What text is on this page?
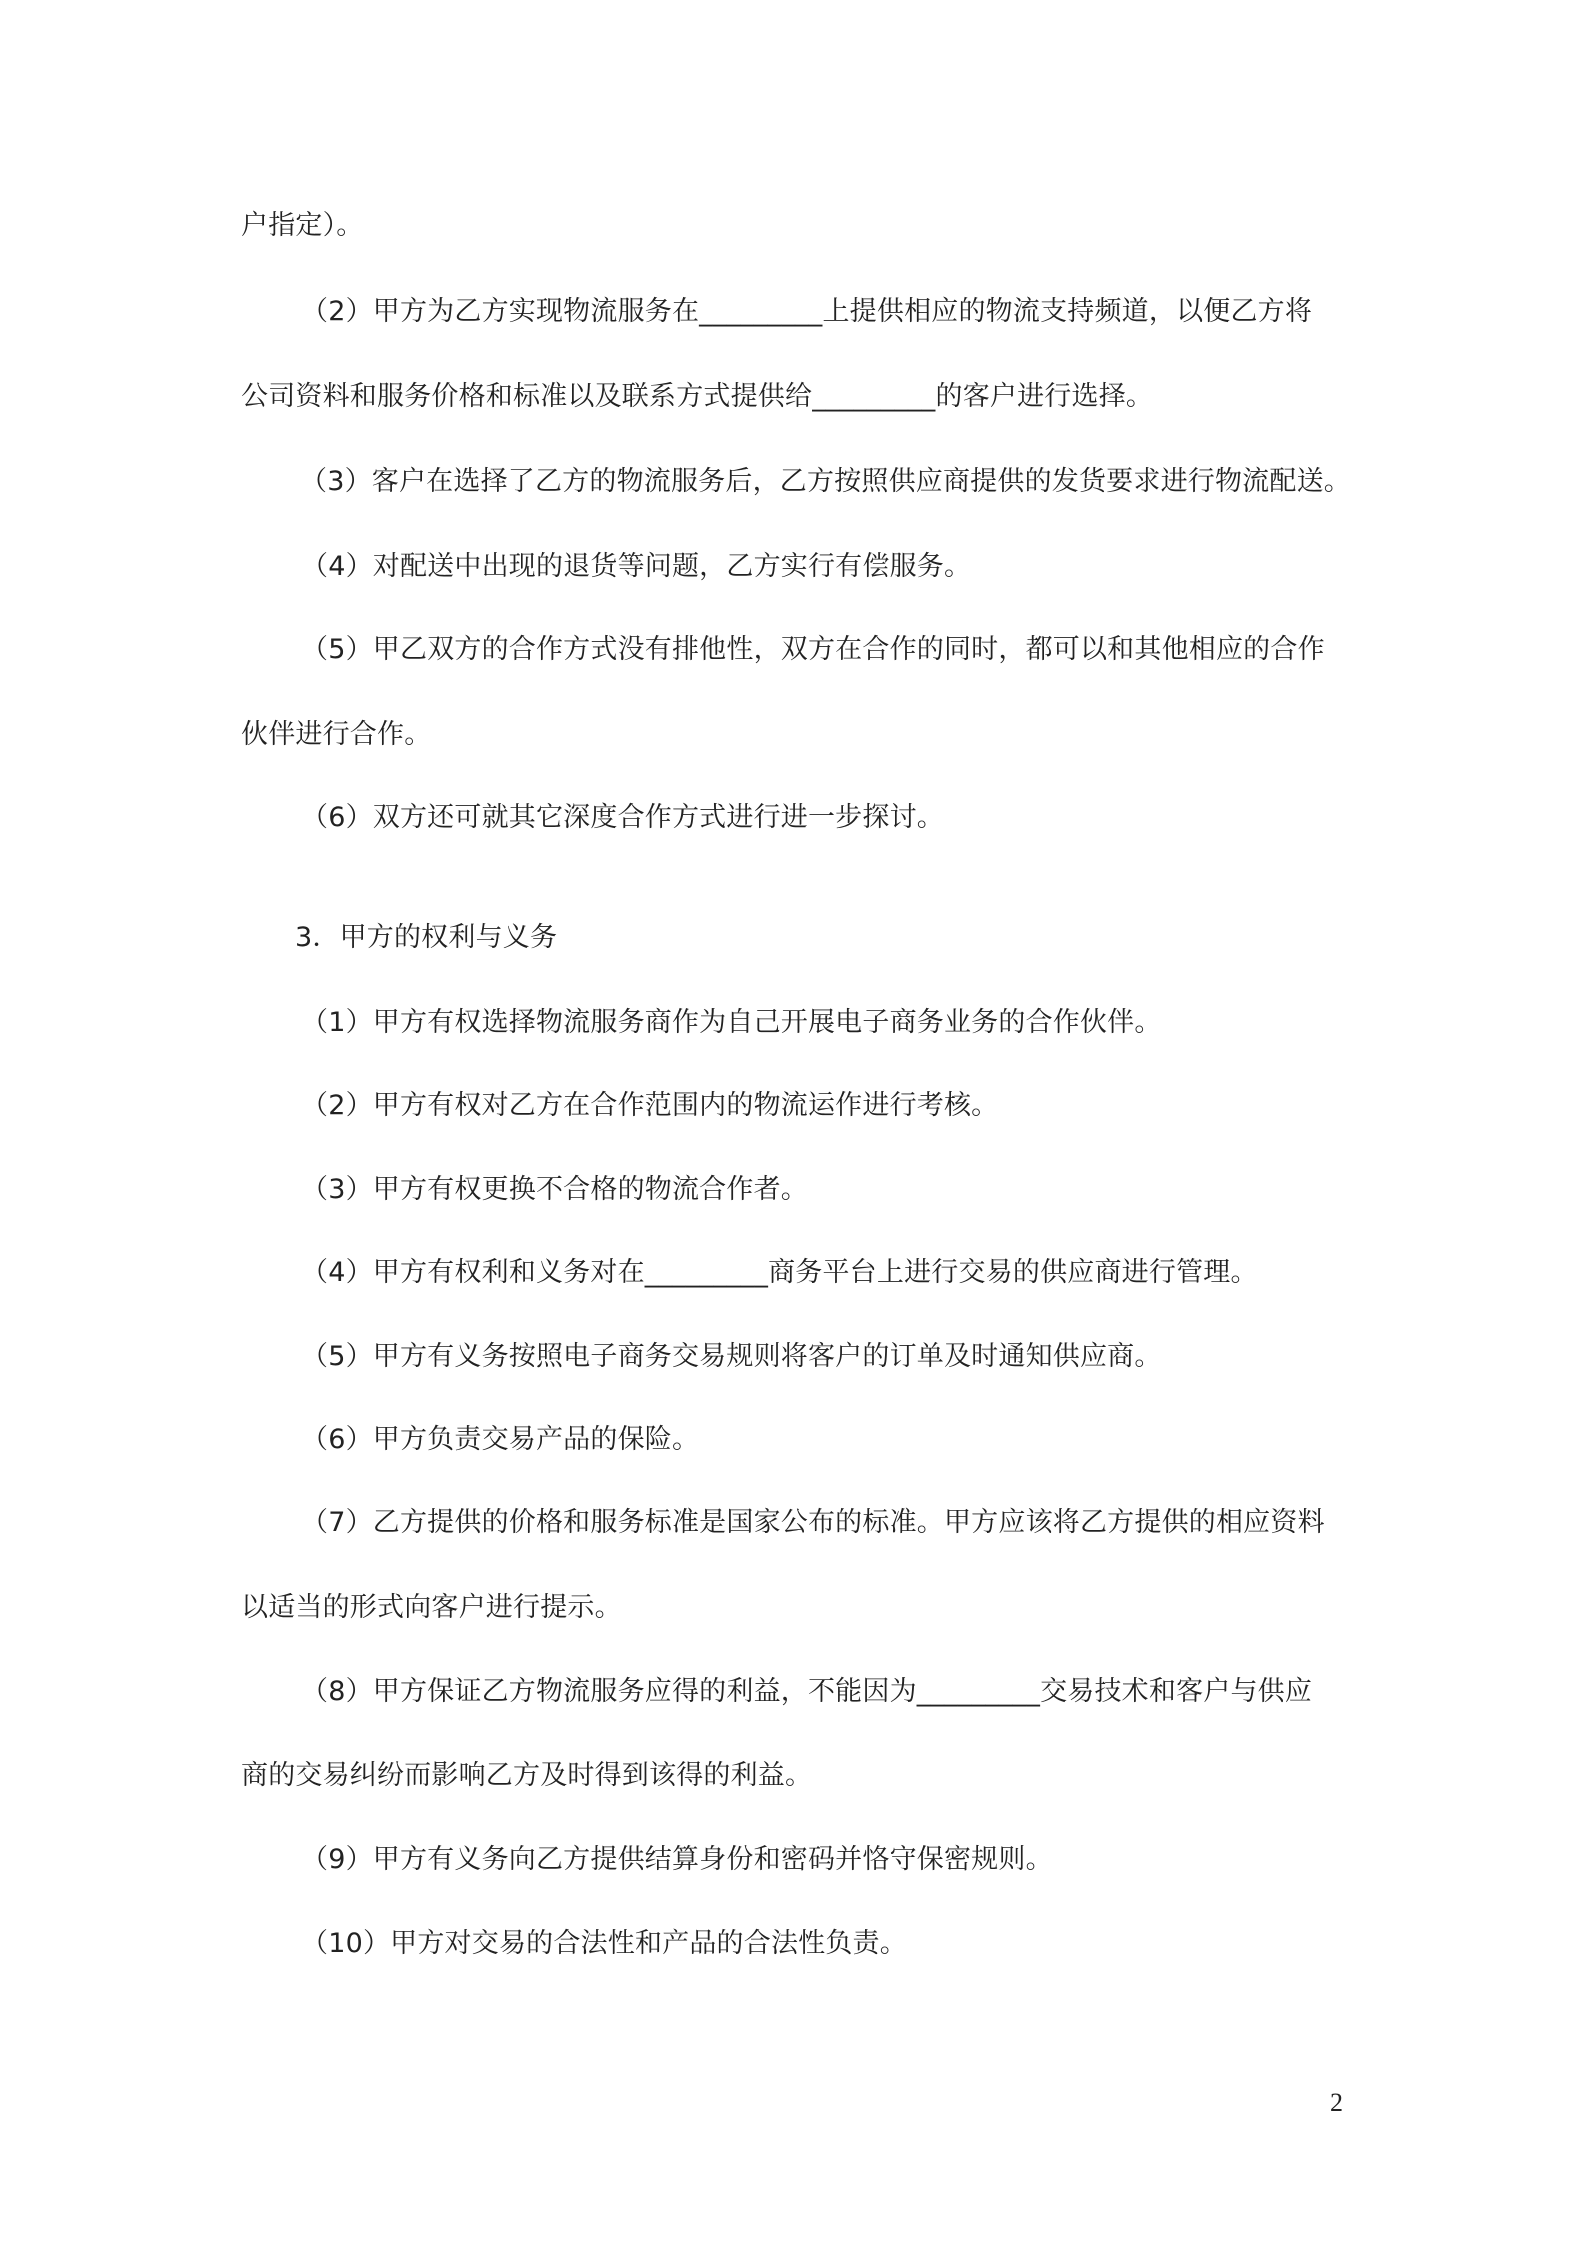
户指定）。
（2）甲方为乙方实现物流服务在_________上提供相应的物流支持频道，以便乙方将
公司资料和服务价格和标准以及联系方式提供给_________的客户进行选择。
（3）客户在选择了乙方的物流服务后，乙方按照供应商提供的发货要求进行物流配送。
（4）对配送中出现的退货等问题，乙方实行有偿服务。
（5）甲乙双方的合作方式没有排他性，双方在合作的同时，都可以和其他相应的合作
伙伴进行合作。
（6）双方还可就其它深度合作方式进行进一步探讨。
3．甲方的权利与义务
（1）甲方有权选择物流服务商作为自己开展电子商务业务的合作伙伴。
（2）甲方有权对乙方在合作范围内的物流运作进行考核。
（3）甲方有权更换不合格的物流合作者。
（4）甲方有权利和义务对在_________商务平台上进行交易的供应商进行管理。
（5）甲方有义务按照电子商务交易规则将客户的订单及时通知供应商。
（6）甲方负责交易产品的保险。
（7）乙方提供的价格和服务标准是国家公布的标准。甲方应该将乙方提供的相应资料
以适当的形式向客户进行提示。
（8）甲方保证乙方物流服务应得的利益，不能因为_________交易技术和客户与供应
商的交易纠纷而影响乙方及时得到该得的利益。
（9）甲方有义务向乙方提供结算身份和密码并恪守保密规则。
（10）甲方对交易的合法性和产品的合法性负责。
2
